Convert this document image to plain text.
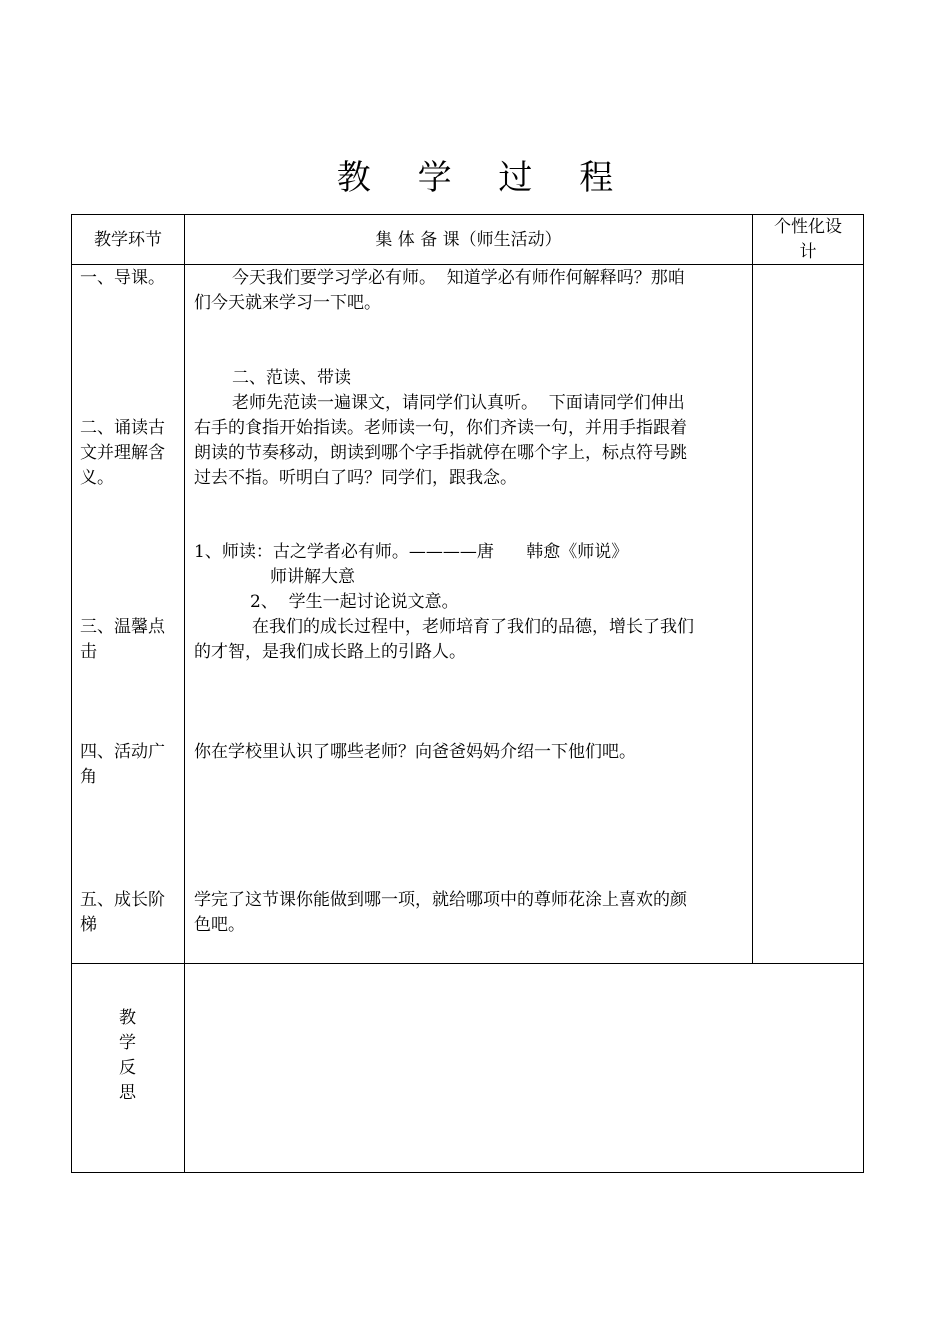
教 学 过 程
教学环节	集 体 备 课（师生活动）
个性化设
计
一、导课。	今天我们要学习学必有师。  知道学必有师作何解释吗？那咱
们今天就来学习一下吧。
二、范读、带读
老师先范读一遍课文，请同学们认真听。  下面请同学们伸出
右手的食指开始指读。老师读一句，你们齐读一句，并用手指跟着
朗读的节奏移动，朗读到哪个字手指就停在哪个字上，标点符号跳
过去不指。听明白了吗？同学们，跟我念。
二、诵读古
文并理解含
义。
1、师读：古之学者必有师。————唐      韩愈《师说》
师讲解大意
2、  学生一起讨论说文意。
三、温馨点
击
在我们的成长过程中，老师培育了我们的品德，增长了我们
的才智，是我们成长路上的引路人。
四、活动广
角
你在学校里认识了哪些老师？向爸爸妈妈介绍一下他们吧。
五、成长阶
梯
学完了这节课你能做到哪一项，就给哪项中的尊师花涂上喜欢的颜
色吧。
教
学
反
思
